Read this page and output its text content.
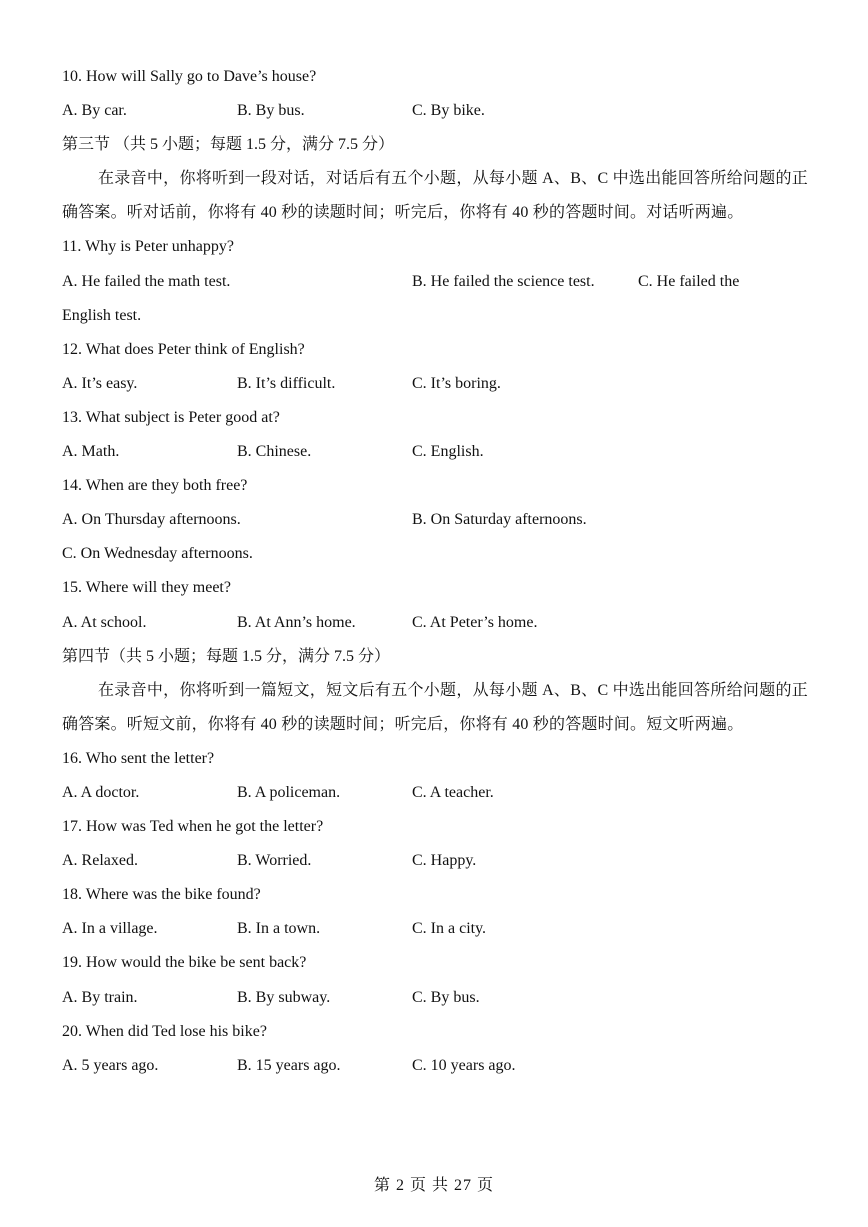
10. How will Sally go to Dave’s house?
A. By car.	B. By bus.	C. By bike.
第三节 （共 5 小题；每题 1.5 分，满分 7.5 分）

在录音中，你将听到一段对话，对话后有五个小题，从每小题 A、B、C 中选出能回答所给问题的正确答案。听对话前，你将有 40 秒的读题时间；听完后，你将有 40 秒的答题时间。对话听两遍。

11. Why is Peter unhappy?
A. He failed the math test.	B. He failed the science test.	C. He failed the
English test.
12. What does Peter think of English?
A. It’s easy.	B. It’s difficult.	C. It’s boring.
13. What subject is Peter good at?
A. Math.	B. Chinese.	C. English.
14. When are they both free?
A. On Thursday afternoons.	B. On Saturday afternoons.
C. On Wednesday afternoons.
15. Where will they meet?
A. At school.	B. At Ann’s home.	C. At Peter’s home.
第四节（共 5 小题；每题 1.5 分，满分 7.5 分）

在录音中，你将听到一篇短文，短文后有五个小题，从每小题 A、B、C 中选出能回答所给问题的正确答案。听短文前，你将有 40 秒的读题时间；听完后，你将有 40 秒的答题时间。短文听两遍。

16. Who sent the letter?
A. A doctor.	B. A policeman.	C. A teacher.
17. How was Ted when he got the letter?
A. Relaxed.	B. Worried.	C. Happy.
18. Where was the bike found?
A. In a village.	B. In a town.	C. In a city.
19. How would the bike be sent back?
A. By train.	B. By subway.	C. By bus.
20. When did Ted lose his bike?
A. 5 years ago.	B. 15 years ago.	C. 10 years ago.
第 2 页 共 27 页
